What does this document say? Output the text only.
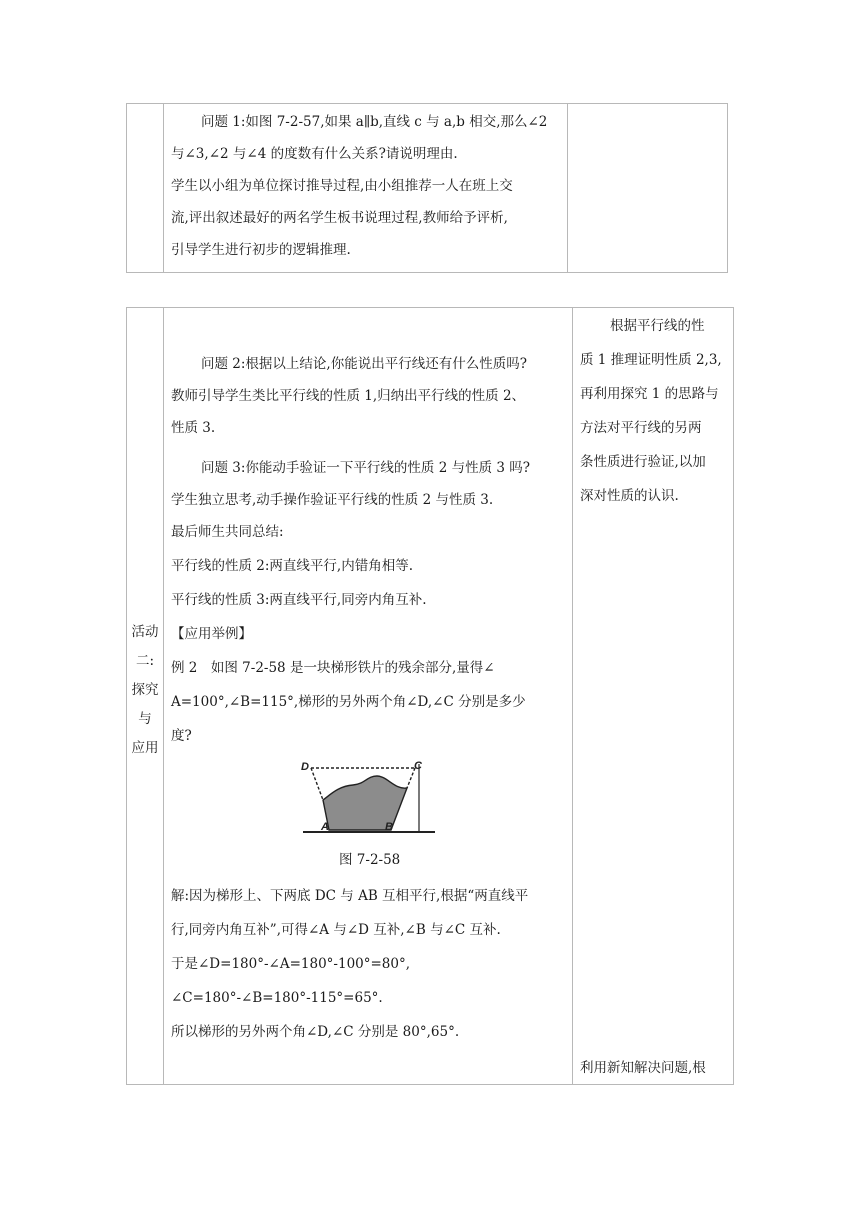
问题 1:如图 7-2-57,如果 a∥b,直线 c 与 a,b 相交,那么∠2
与∠3,∠2 与∠4 的度数有什么关系?请说明理由.
学生以小组为单位探讨推导过程,由小组推荐一人在班上交
流,评出叙述最好的两名学生板书说理过程,教师给予评析,
引导学生进行初步的逻辑推理.
活动
二:
探究
与
应用
问题 2:根据以上结论,你能说出平行线还有什么性质吗?
教师引导学生类比平行线的性质 1,归纳出平行线的性质 2、
性质 3.
问题 3:你能动手验证一下平行线的性质 2 与性质 3 吗?
学生独立思考,动手操作验证平行线的性质 2 与性质 3.
最后师生共同总结:
平行线的性质 2:两直线平行,内错角相等.
平行线的性质 3:两直线平行,同旁内角互补.
【应用举例】
例 2　如图 7-2-58 是一块梯形铁片的残余部分,量得∠
A=100°,∠B=115°,梯形的另外两个角∠D,∠C 分别是多少
度?
D	C
A	B
图 7-2-58
解:因为梯形上、下两底 DC 与 AB 互相平行,根据“两直线平
行,同旁内角互补”,可得∠A 与∠D 互补,∠B 与∠C 互补.
于是∠D=180°-∠A=180°-100°=80°,
∠C=180°-∠B=180°-115°=65°.
所以梯形的另外两个角∠D,∠C 分别是 80°,65°.
根据平行线的性
质 1 推理证明性质 2,3,
再利用探究 1 的思路与
方法对平行线的另两
条性质进行验证,以加
深对性质的认识.
利用新知解决问题,根
